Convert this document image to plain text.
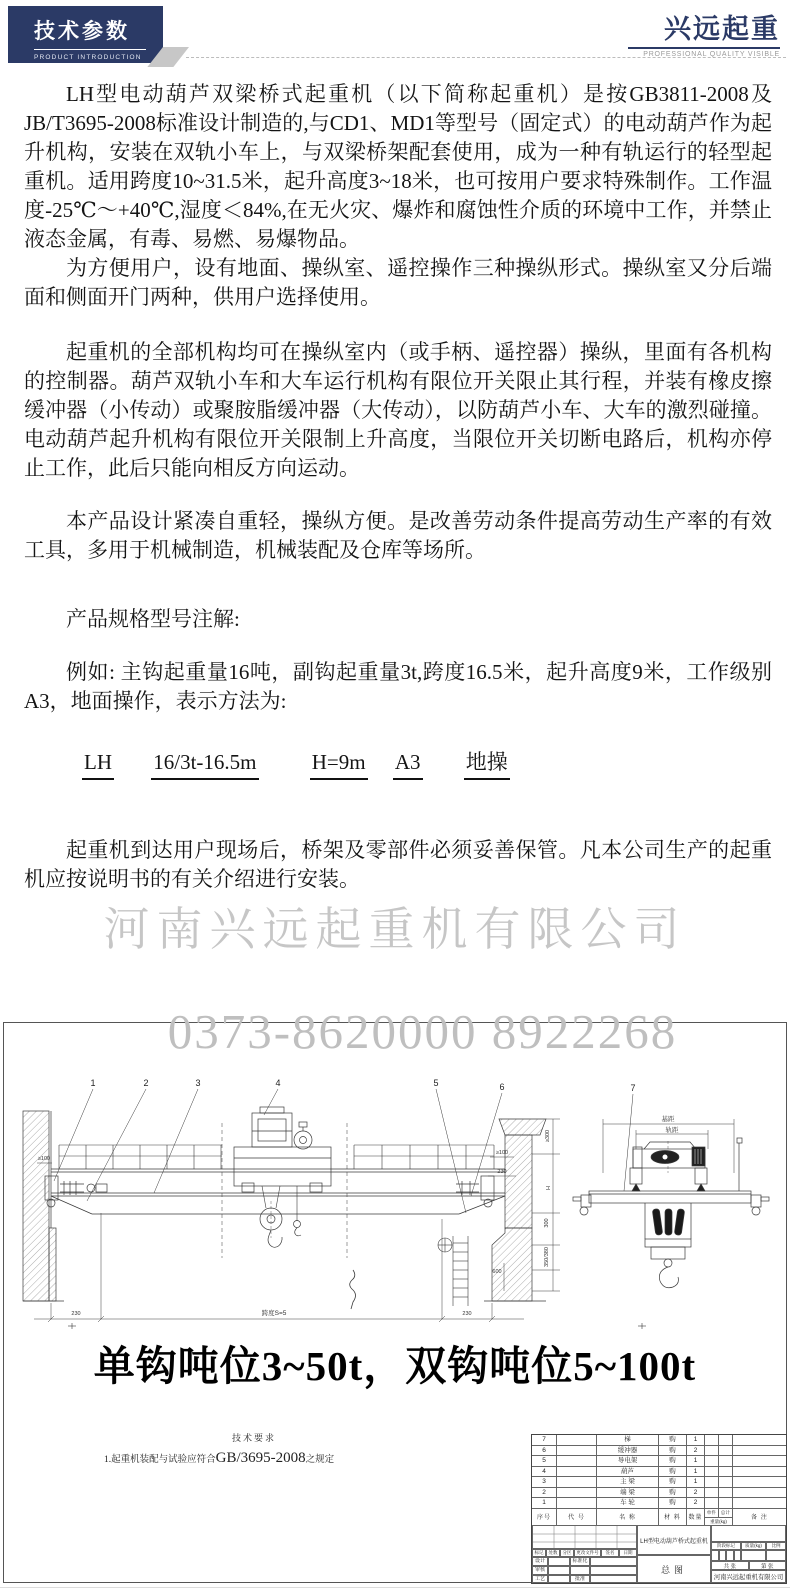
技术参数
PRODUCT INTRODUCTION
兴远起重
PROFESSIONAL QUALITY VISIBLE

LH型电动葫芦双梁桥式起重机（以下简称起重机）是按GB3811-2008及JB/T3695-2008标准设计制造的,与CD1、MD1等型号（固定式）的电动葫芦作为起升机构，安装在双轨小车上，与双梁桥架配套使用，成为一种有轨运行的轻型起重机。适用跨度10~31.5米，起升高度3~18米，也可按用户要求特殊制作。工作温度-25℃～+40℃,湿度＜84%,在无火灾、爆炸和腐蚀性介质的环境中工作，并禁止液态金属，有毒、易燃、易爆物品。

为方便用户，设有地面、操纵室、遥控操作三种操纵形式。操纵室又分后端面和侧面开门两种，供用户选择使用。

起重机的全部机构均可在操纵室内（或手柄、遥控器）操纵，里面有各机构的控制器。葫芦双轨小车和大车运行机构有限位开关限止其行程，并装有橡皮擦缓冲器（小传动）或聚胺脂缓冲器（大传动），以防葫芦小车、大车的激烈碰撞。电动葫芦起升机构有限位开关限制上升高度，当限位开关切断电路后，机构亦停止工作，此后只能向相反方向运动。

本产品设计紧凑自重轻，操纵方便。是改善劳动条件提高劳动生产率的有效工具，多用于机械制造，机械装配及仓库等场所。

产品规格型号注解:

例如: 主钩起重量16吨，副钩起重量3t,跨度16.5米，起升高度9米，工作级别A3，地面操作，表示方法为:

LH 16/3t-16.5m	H=9m A3 地操

起重机到达用户现场后，桥架及零部件必须妥善保管。凡本公司生产的起重机应按说明书的有关介绍进行安装。

河南兴远起重机有限公司
0373-8620000 8922268
1	2	3	4	5	6	7
≥100
≥300
≥100
230
H
300
350/380
600
230	跨度S=5	230
基距
轨距
单钩吨位3~50t，双钩吨位5~100t
技术要求
1.起重机装配与试验应符合GB/3695-2008之规定
7	梯	购	1
6	缓冲器	购	2
5	导电架	购	1
4	葫芦	购	1
3	主 梁	购	1
2	端 梁	购	2
1	车 轮	购	2
序号	代 号	名 称	材 料	数量
单件	总计
重量(kg)	备 注
标记	处数	分区	更改文件号	签名	日期
设计	标准化
审核
工艺	批准
LH型电动葫芦桥式起重机
总图
阶段标记	质量(kg)	比例
共 张	第 张
河南兴远起重机有限公司
